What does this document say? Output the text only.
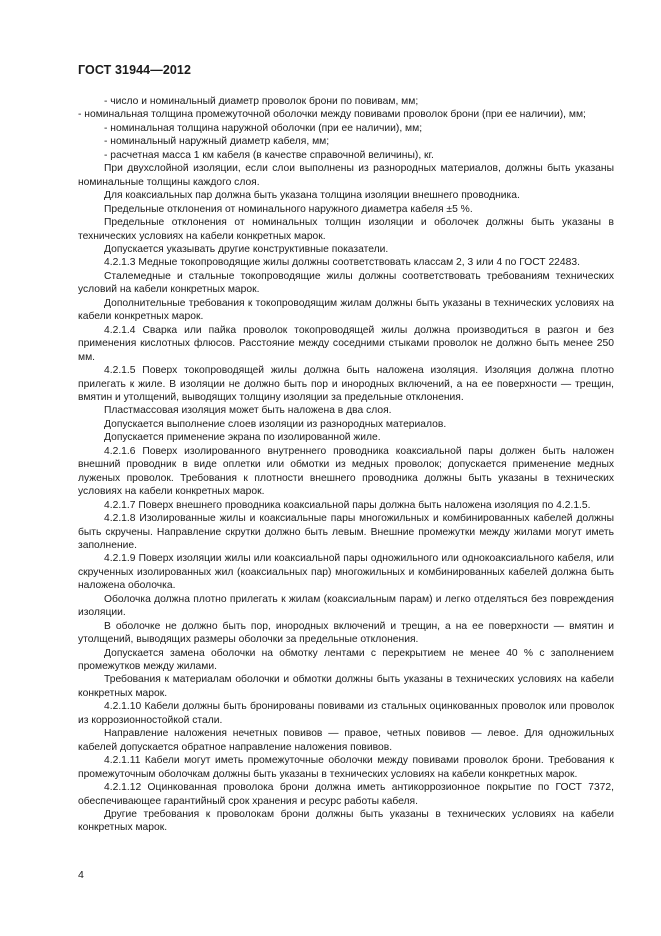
ГОСТ 31944—2012

- число и номинальный диаметр проволок брони по повивам, мм;

- номинальная толщина промежуточной оболочки между повивами проволок брони (при ее наличии), мм;

- номинальная толщина наружной оболочки (при ее наличии), мм;

- номинальный наружный диаметр кабеля, мм;

- расчетная масса 1 км кабеля (в качестве справочной величины), кг.

При двухслойной изоляции, если слои выполнены из разнородных материалов, должны быть указаны номинальные толщины каждого слоя.

Для коаксиальных пар должна быть указана толщина изоляции внешнего проводника.

Предельные отклонения от номинального наружного диаметра кабеля ±5 %.

Предельные отклонения от номинальных толщин изоляции и оболочек должны быть указаны в технических условиях на кабели конкретных марок.

Допускается указывать другие конструктивные показатели.

4.2.1.3 Медные токопроводящие жилы должны соответствовать классам 2, 3 или 4 по ГОСТ 22483.

Сталемедные и стальные токопроводящие жилы должны соответствовать требованиям технических условий на кабели конкретных марок.

Дополнительные требования к токопроводящим жилам должны быть указаны в технических условиях на кабели конкретных марок.

4.2.1.4 Сварка или пайка проволок токопроводящей жилы должна производиться в разгон и без применения кислотных флюсов. Расстояние между соседними стыками проволок не должно быть менее 250 мм.

4.2.1.5 Поверх токопроводящей жилы должна быть наложена изоляция. Изоляция должна плотно прилегать к жиле. В изоляции не должно быть пор и инородных включений, а на ее поверхности — трещин, вмятин и утолщений, выводящих толщину изоляции за предельные отклонения.

Пластмассовая изоляция может быть наложена в два слоя.

Допускается выполнение слоев изоляции из разнородных материалов.

Допускается применение экрана по изолированной жиле.

4.2.1.6 Поверх изолированного внутреннего проводника коаксиальной пары должен быть наложен внешний проводник в виде оплетки или обмотки из медных проволок; допускается применение медных луженых проволок. Требования к плотности внешнего проводника должны быть указаны в технических условиях на кабели конкретных марок.

4.2.1.7 Поверх внешнего проводника коаксиальной пары должна быть наложена изоляция по 4.2.1.5.

4.2.1.8 Изолированные жилы и коаксиальные пары многожильных и комбинированных кабелей должны быть скручены. Направление скрутки должно быть левым. Внешние промежутки между жилами могут иметь заполнение.

4.2.1.9 Поверх изоляции жилы или коаксиальной пары одножильного или однокоаксиального кабеля, или скрученных изолированных жил (коаксиальных пар) многожильных и комбинированных кабелей должна быть наложена оболочка.

Оболочка должна плотно прилегать к жилам (коаксиальным парам) и легко отделяться без повреждения изоляции.

В оболочке не должно быть пор, инородных включений и трещин, а на ее поверхности — вмятин и утолщений, выводящих размеры оболочки за предельные отклонения.

Допускается замена оболочки на обмотку лентами с перекрытием не менее 40 % с заполнением промежутков между жилами.

Требования к материалам оболочки и обмотки должны быть указаны в технических условиях на кабели конкретных марок.

4.2.1.10 Кабели должны быть бронированы повивами из стальных оцинкованных проволок или проволок из коррозионностойкой стали.

Направление наложения нечетных повивов — правое, четных повивов — левое. Для одножильных кабелей допускается обратное направление наложения повивов.

4.2.1.11 Кабели могут иметь промежуточные оболочки между повивами проволок брони. Требования к промежуточным оболочкам должны быть указаны в технических условиях на кабели конкретных марок.

4.2.1.12 Оцинкованная проволока брони должна иметь антикоррозионное покрытие по ГОСТ 7372, обеспечивающее гарантийный срок хранения и ресурс работы кабеля.

Другие требования к проволокам брони должны быть указаны в технических условиях на кабели конкретных марок.

4
